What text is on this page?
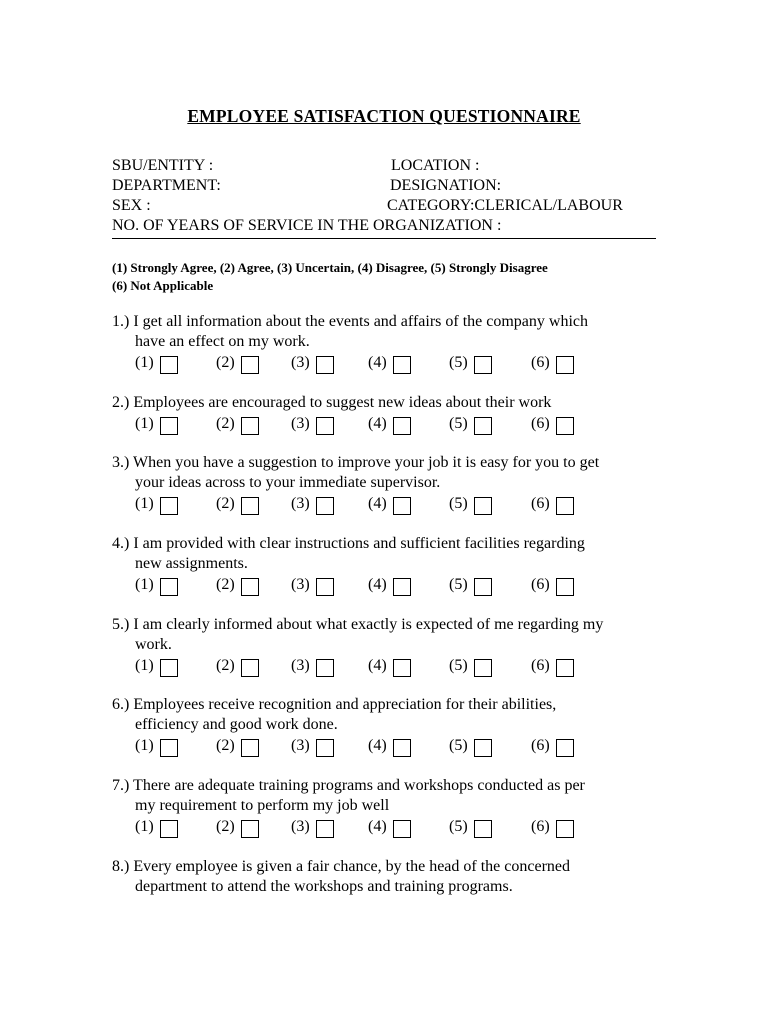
EMPLOYEE SATISFACTION QUESTIONNAIRE
SBU/ENTITY :	LOCATION :
DEPARTMENT:	DESIGNATION:
SEX :	CATEGORY:CLERICAL/LABOUR
NO. OF YEARS OF SERVICE IN THE ORGANIZATION :
(1) Strongly Agree, (2) Agree, (3) Uncertain, (4) Disagree, (5) Strongly Disagree
(6) Not Applicable
1.) I get all information about the events and affairs of the company which
have an effect on my work.
(1)	(2)	(3)	(4)	(5)	(6)
2.) Employees are encouraged to suggest new ideas about their work
(1)	(2)	(3)	(4)	(5)	(6)
3.) When you have a suggestion to improve your job it is easy for you to get
your ideas across to your immediate supervisor.
(1)	(2)	(3)	(4)	(5)	(6)
4.) I am provided with clear instructions and sufficient facilities regarding
new assignments.
(1)	(2)	(3)	(4)	(5)	(6)
5.) I am clearly informed about what exactly is expected of me regarding my
work.
(1)	(2)	(3)	(4)	(5)	(6)
6.) Employees receive recognition and appreciation for their abilities,
efficiency and good work done.
(1)	(2)	(3)	(4)	(5)	(6)
7.) There are adequate training programs and workshops conducted as per
my requirement to perform my job well
(1)	(2)	(3)	(4)	(5)	(6)
8.) Every employee is given a fair chance, by the head of the concerned
department to attend the workshops and training programs.
